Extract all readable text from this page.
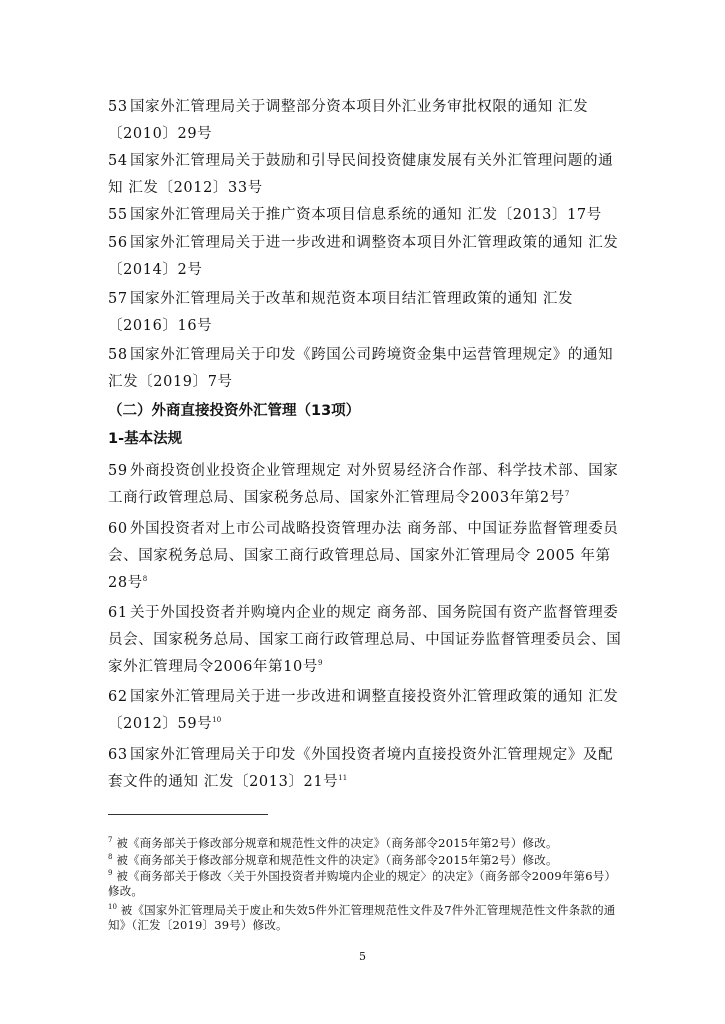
53 国家外汇管理局关于调整部分资本项目外汇业务审批权限的通知 汇发〔2010〕29号
54 国家外汇管理局关于鼓励和引导民间投资健康发展有关外汇管理问题的通知 汇发〔2012〕33号
55 国家外汇管理局关于推广资本项目信息系统的通知 汇发〔2013〕17号
56 国家外汇管理局关于进一步改进和调整资本项目外汇管理政策的通知 汇发〔2014〕2号
57 国家外汇管理局关于改革和规范资本项目结汇管理政策的通知 汇发〔2016〕16号
58 国家外汇管理局关于印发《跨国公司跨境资金集中运营管理规定》的通知 汇发〔2019〕7号
（二）外商直接投资外汇管理（13项）
1-基本法规
59 外商投资创业投资企业管理规定 对外贸易经济合作部、科学技术部、国家工商行政管理总局、国家税务总局、国家外汇管理局令2003年第2号$^7$
60 外国投资者对上市公司战略投资管理办法 商务部、中国证券监督管理委员会、国家税务总局、国家工商行政管理总局、国家外汇管理局令 2005 年第28号$^8$
61 关于外国投资者并购境内企业的规定 商务部、国务院国有资产监督管理委员会、国家税务总局、国家工商行政管理总局、中国证券监督管理委员会、国家外汇管理局令2006年第10号$^9$
62 国家外汇管理局关于进一步改进和调整直接投资外汇管理政策的通知 汇发〔2012〕59号$^{10}$
63 国家外汇管理局关于印发《外国投资者境内直接投资外汇管理规定》及配套文件的通知 汇发〔2013〕21号$^{11}$
$^7$ 被《商务部关于修改部分规章和规范性文件的决定》（商务部令2015年第2号）修改。
$^8$ 被《商务部关于修改部分规章和规范性文件的决定》（商务部令2015年第2号）修改。
$^9$ 被《商务部关于修改〈关于外国投资者并购境内企业的规定〉的决定》（商务部令2009年第6号）修改。
$^{10}$ 被《国家外汇管理局关于废止和失效5件外汇管理规范性文件及7件外汇管理规范性文件条款的通知》（汇发〔2019〕39号）修改。
5
